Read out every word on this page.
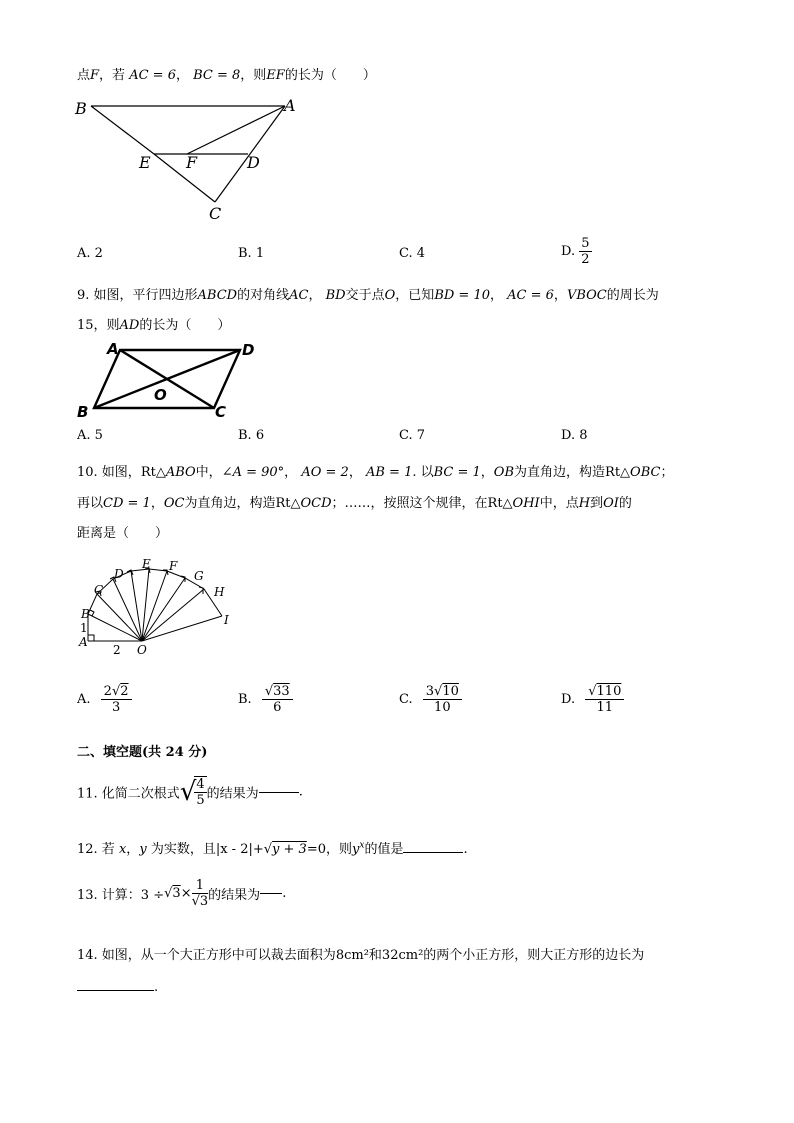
点F，若 AC = 6， BC = 8，则EF的长为（　　）
B	A
E F	D
C
A. 2	B. 1	C. 4	D. $\frac{5}{2}$
9. 如图，平行四边形ABCD的对角线AC， BD交于点O，已知BD = 10， AC = 6，VBOC的周长为
15，则AD的长为（　　）
A	D
B	C
O
A. 5	B. 6	C. 7	D. 8
10. 如图，Rt△ABO中，∠A = 90°， AO = 2， AB = 1. 以BC = 1，OB为直角边，构造Rt△OBC；
再以CD = 1，OC为直角边，构造Rt△OCD；……，按照这个规律，在Rt△OHI中，点H到OI的
距离是（　　）
A
B
C
D
E F
G
H
I
O
1
2
A. $\frac{2√2}{3}$	B. $\frac{√33}{6}$	C. $\frac{3√10}{10}$	D. $\frac{√110}{11}$
二、填空题(共 24 分)
11. 化简二次根式√
$\frac{4}{5}$ 的结果为	.
12. 若 x，y 为实数，且|x - 2|+√y + 3=0，则$y^x$的值是	.
13. 计算：$3 \div√3\times \frac{1}{√3}$ 的结果为 .
14. 如图，从一个大正方形中可以裁去面积为8cm²和32cm²的两个小正方形，则大正方形的边长为
.
